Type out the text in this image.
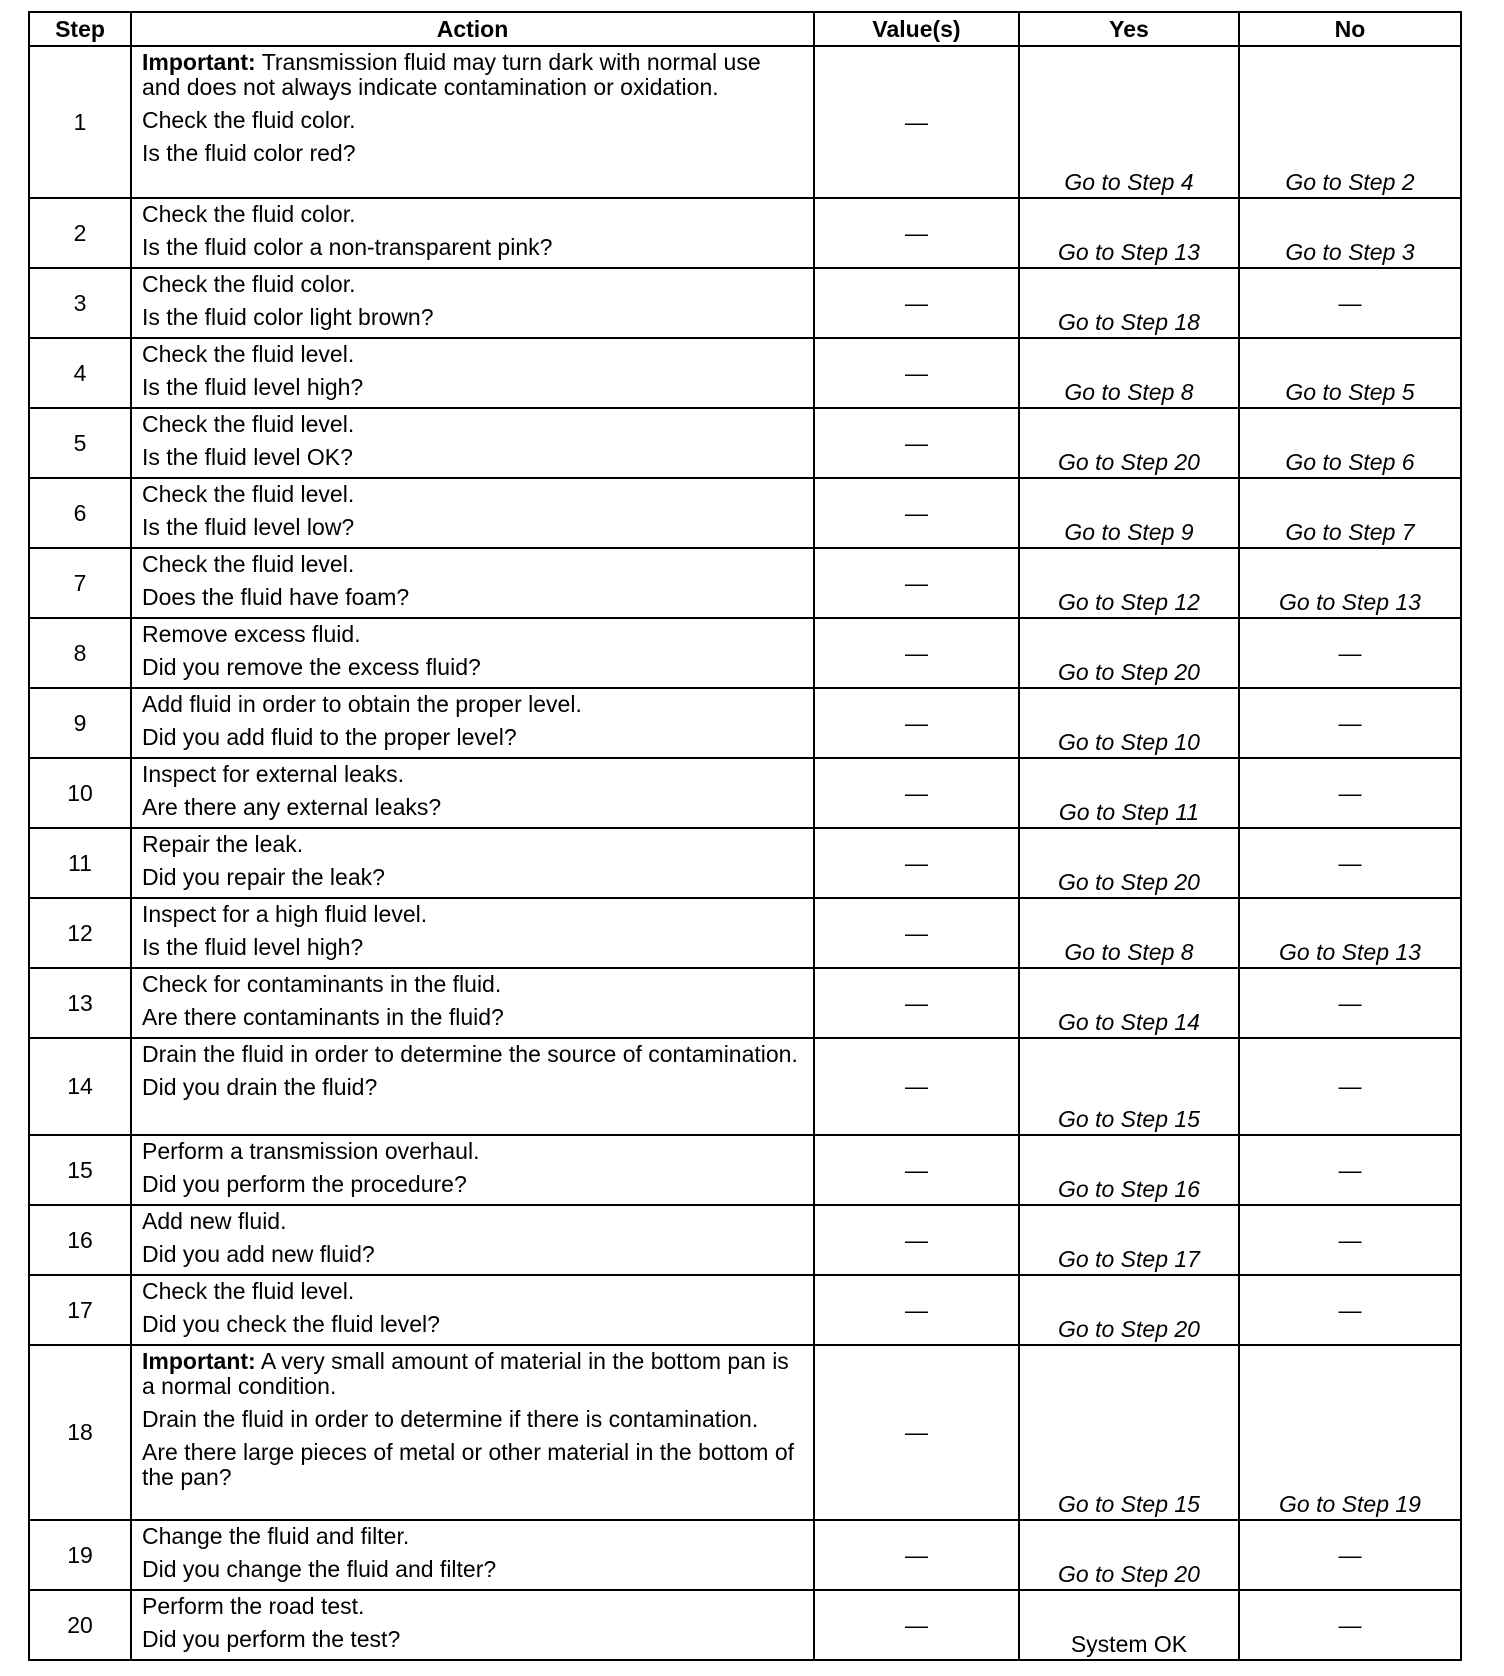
Step	Action	Value(s)	Yes	No
1	Important: Transmission fluid may turn dark with normal use and does not always indicate contamination or oxidation.

Check the fluid color.

Is the fluid color red?	—	Go to Step 4	Go to Step 2
2	Check the fluid color.

Is the fluid color a non-transparent pink?	—	Go to Step 13	Go to Step 3
3	Check the fluid color.

Is the fluid color light brown?	—	Go to Step 18	—
4	Check the fluid level.

Is the fluid level high?	—	Go to Step 8	Go to Step 5
5	Check the fluid level.

Is the fluid level OK?	—	Go to Step 20	Go to Step 6
6	Check the fluid level.

Is the fluid level low?	—	Go to Step 9	Go to Step 7
7	Check the fluid level.

Does the fluid have foam?	—	Go to Step 12	Go to Step 13
8	Remove excess fluid.

Did you remove the excess fluid?	—	Go to Step 20	—
9	Add fluid in order to obtain the proper level.

Did you add fluid to the proper level?	—	Go to Step 10	—
10	Inspect for external leaks.

Are there any external leaks?	—	Go to Step 11	—
11	Repair the leak.

Did you repair the leak?	—	Go to Step 20	—
12	Inspect for a high fluid level.

Is the fluid level high?	—	Go to Step 8	Go to Step 13
13	Check for contaminants in the fluid.

Are there contaminants in the fluid?	—	Go to Step 14	—
14	Drain the fluid in order to determine the source of contamination.

Did you drain the fluid?	—	Go to Step 15	—
15	Perform a transmission overhaul.

Did you perform the procedure?	—	Go to Step 16	—
16	Add new fluid.

Did you add new fluid?	—	Go to Step 17	—
17	Check the fluid level.

Did you check the fluid level?	—	Go to Step 20	—
18	Important: A very small amount of material in the bottom pan is a normal condition.

Drain the fluid in order to determine if there is contamination.

Are there large pieces of metal or other material in the bottom of the pan?	—	Go to Step 15	Go to Step 19
19	Change the fluid and filter.

Did you change the fluid and filter?	—	Go to Step 20	—
20	Perform the road test.

Did you perform the test?	—	System OK	—
